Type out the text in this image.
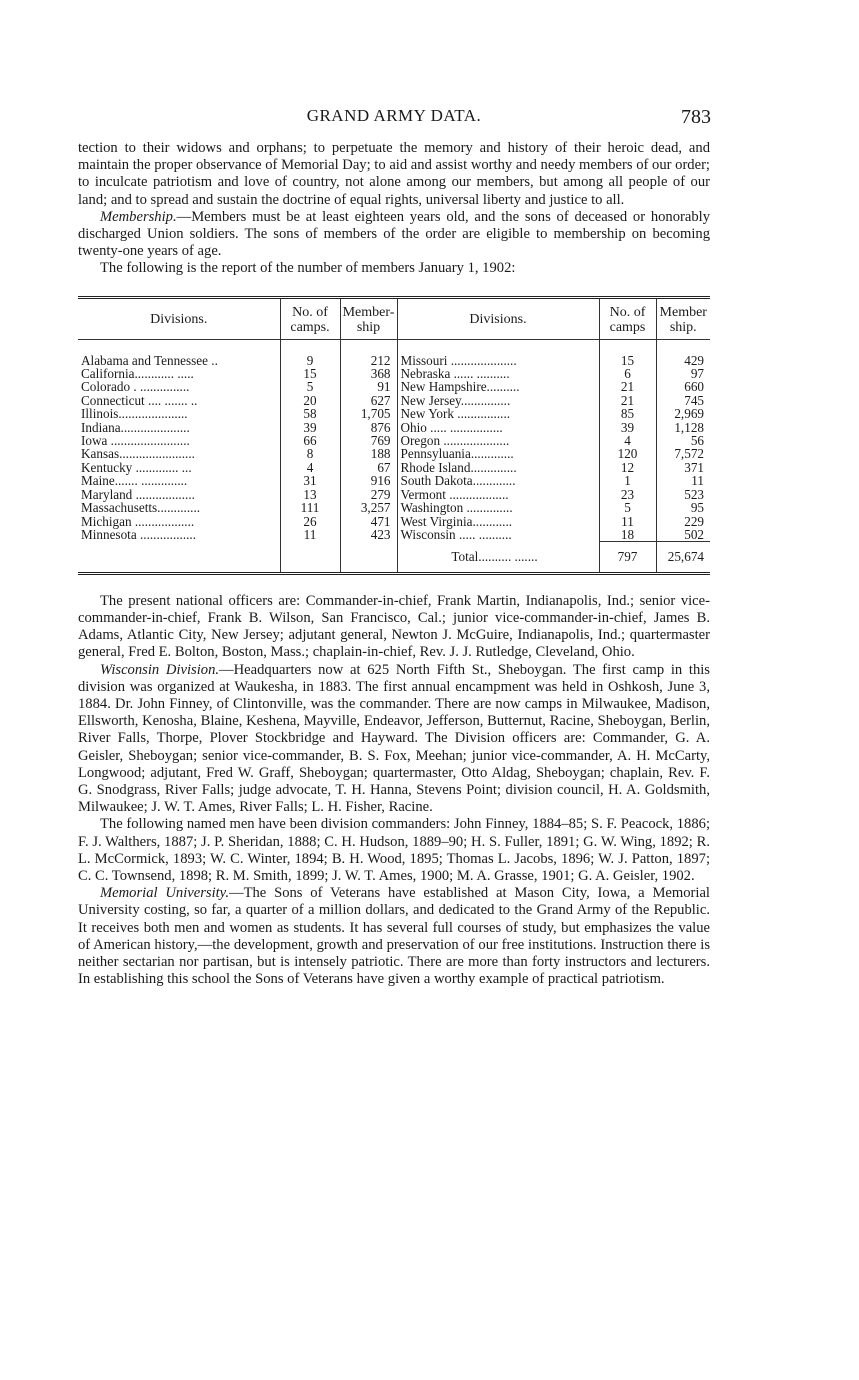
GRAND ARMY DATA.	783

tection to their widows and orphans; to perpetuate the memory and history of their heroic dead, and maintain the proper observance of Memorial Day; to aid and assist worthy and needy members of our order; to inculcate patriotism and love of country, not alone among our members, but among all people of our land; and to spread and sustain the doctrine of equal rights, universal liberty and justice to all.

Membership.—Members must be at least eighteen years old, and the sons of deceased or honorably discharged Union soldiers. The sons of members of the order are eligible to membership on becoming twenty-one years of age.

The following is the report of the number of members January 1, 1902:

Divisions.	No. of camps.	Member-ship	Divisions.	No. of camps	Member ship.

Alabama and Tennessee ..	9	212	Missouri ....................	15	429
California............ .....	15	368	Nebraska ...... ..........	6	97
Colorado . ...............	5	91	New Hampshire..........	21	660
Connecticut .... ....... ..	20	627	New Jersey...............	21	745
Illinois.....................	58	1,705	New York ................	85	2,969
Indiana.....................	39	876	Ohio ..... ................	39	1,128
Iowa ........................	66	769	Oregon ....................	4	56
Kansas.......................	8	188	Pennsyluania.............	120	7,572
Kentucky ............. ...	4	67	Rhode Island..............	12	371
Maine....... ..............	31	916	South Dakota.............	1	11
Maryland ..................	13	279	Vermont ..................	23	523
Massachusetts.............	111	3,257	Washington ..............	5	95
Michigan ..................	26	471	West Virginia............	11	229
Minnesota .................	11	423	Wisconsin ..... ..........	18	502
			Total.......... .......	797	25,674

The present national officers are: Commander-in-chief, Frank Martin, Indianapolis, Ind.; senior vice-commander-in-chief, Frank B. Wilson, San Francisco, Cal.; junior vice-commander-in-chief, James B. Adams, Atlantic City, New Jersey; adjutant general, Newton J. McGuire, Indianapolis, Ind.; quartermaster general, Fred E. Bolton, Boston, Mass.; chaplain-in-chief, Rev. J. J. Rutledge, Cleveland, Ohio.

Wisconsin Division.—Headquarters now at 625 North Fifth St., Sheboygan. The first camp in this division was organized at Waukesha, in 1883. The first annual encampment was held in Oshkosh, June 3, 1884. Dr. John Finney, of Clintonville, was the commander. There are now camps in Milwaukee, Madison, Ellsworth, Kenosha, Blaine, Keshena, Mayville, Endeavor, Jefferson, Butternut, Racine, Sheboygan, Berlin, River Falls, Thorpe, Plover Stockbridge and Hayward. The Division officers are: Commander, G. A. Geisler, Sheboygan; senior vice-commander, B. S. Fox, Meehan; junior vice-commander, A. H. McCarty, Longwood; adjutant, Fred W. Graff, Sheboygan; quartermaster, Otto Aldag, Sheboygan; chaplain, Rev. F. G. Snodgrass, River Falls; judge advocate, T. H. Hanna, Stevens Point; division council, H. A. Goldsmith, Milwaukee; J. W. T. Ames, River Falls; L. H. Fisher, Racine.

The following named men have been division commanders: John Finney, 1884–85; S. F. Peacock, 1886; F. J. Walthers, 1887; J. P. Sheridan, 1888; C. H. Hudson, 1889–90; H. S. Fuller, 1891; G. W. Wing, 1892; R. L. McCormick, 1893; W. C. Winter, 1894; B. H. Wood, 1895; Thomas L. Jacobs, 1896; W. J. Patton, 1897; C. C. Townsend, 1898; R. M. Smith, 1899; J. W. T. Ames, 1900; M. A. Grasse, 1901; G. A. Geisler, 1902.

Memorial University.—The Sons of Veterans have established at Mason City, Iowa, a Memorial University costing, so far, a quarter of a million dollars, and dedicated to the Grand Army of the Republic. It receives both men and women as students. It has several full courses of study, but emphasizes the value of American history,—the development, growth and preservation of our free institutions. Instruction there is neither sectarian nor partisan, but is intensely patriotic. There are more than forty instructors and lecturers. In establishing this school the Sons of Veterans have given a worthy example of practical patriotism.
